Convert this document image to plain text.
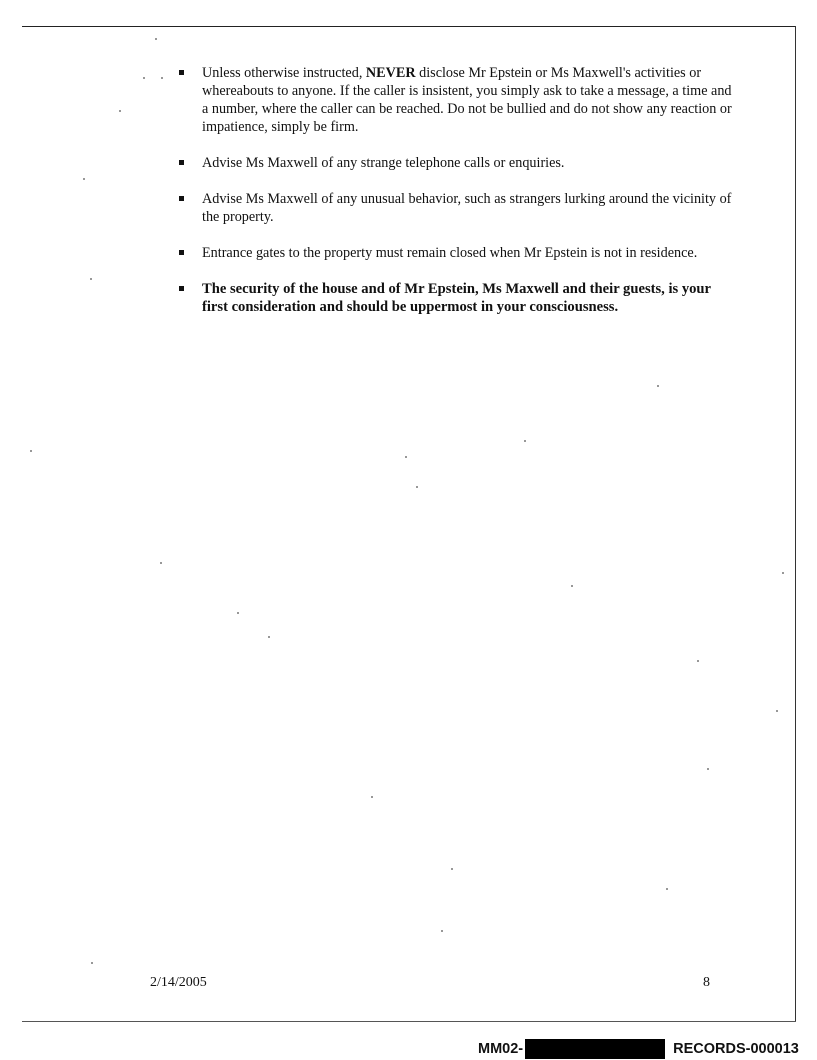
Unless otherwise instructed, NEVER disclose Mr Epstein or Ms Maxwell's activities or whereabouts to anyone. If the caller is insistent, you simply ask to take a message, a time and a number, where the caller can be reached. Do not be bullied and do not show any reaction or impatience, simply be firm.
Advise Ms Maxwell of any strange telephone calls or enquiries.
Advise Ms Maxwell of any unusual behavior, such as strangers lurking around the vicinity of the property.
Entrance gates to the property must remain closed when Mr Epstein is not in residence.
The security of the house and of Mr Epstein, Ms Maxwell and their guests, is your first consideration and should be uppermost in your consciousness.
2/14/2005	8
MM02-	RECORDS-000013
